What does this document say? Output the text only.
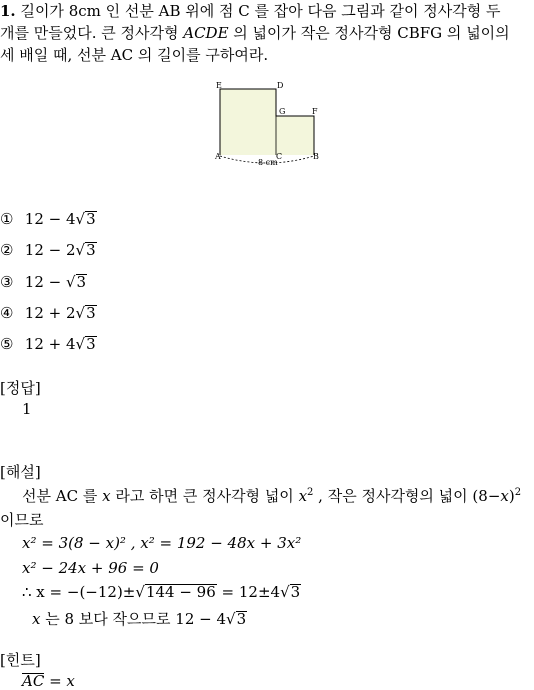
1. 길이가 8cm 인 선분 AB 위에 점 C 를 잡아 다음 그림과 같이 정사각형 두
개를 만들었다. 큰 정사각형 ACDE 의 넓이가 작은 정사각형 CBFG 의 넓이의
세 배일 때, 선분 AC 의 길이를 구하여라.
E	D
G	F
A	C	B
8 cm
① 12 − 4√3
② 12 − 2√3
③ 12 − √3
④ 12 + 2√3
⑤ 12 + 4√3
[정답]
1
[해설]
선분 AC 를 x 라고 하면 큰 정사각형 넓이 $x^2$ , 작은 정사각형의 넓이 $(8-x)^2$
이므로
x² = 3(8 − x)² , x² = 192 − 48x + 3x²
x² − 24x + 96 = 0
∴ x = −(−12)±√144 − 96 = 12±4√3
x 는 8 보다 작으므로 12 − 4√3
[힌트]
AC = x
